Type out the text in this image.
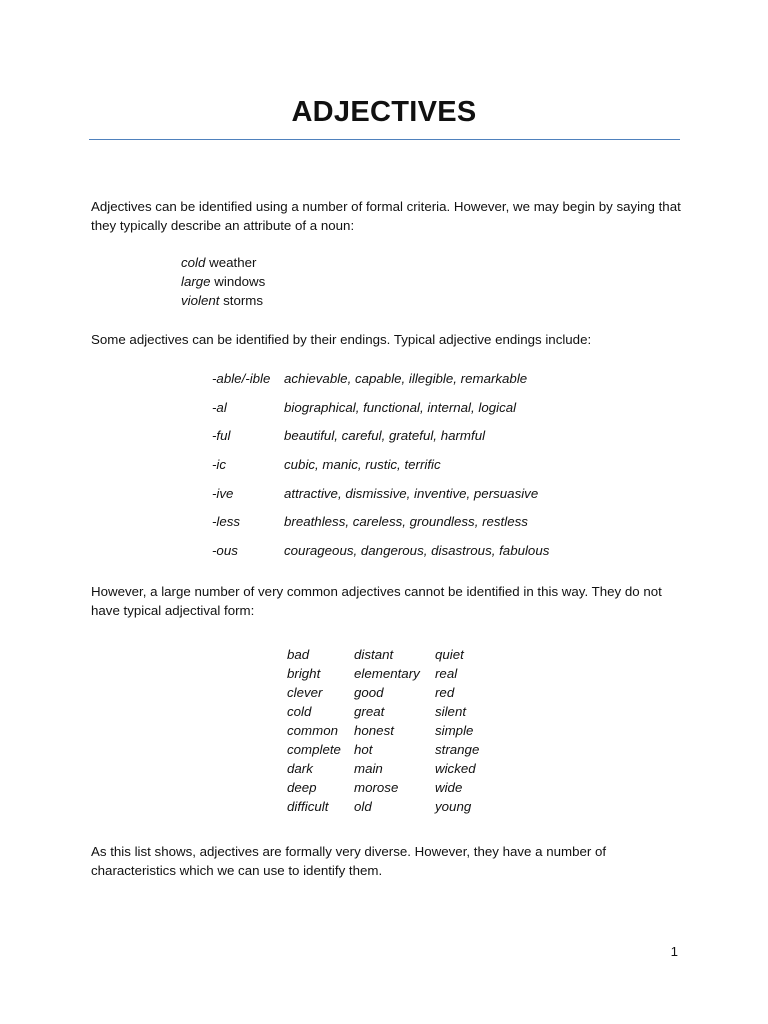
ADJECTIVES

Adjectives can be identified using a number of formal criteria. However, we may begin by saying that they typically describe an attribute of a noun:

cold weather
large windows
violent storms

Some adjectives can be identified by their endings. Typical adjective endings include:

-able/-ible achievable, capable, illegible, remarkable
-al	biographical, functional, internal, logical
-ful	beautiful, careful, grateful, harmful
-ic	cubic, manic, rustic, terrific
-ive	attractive, dismissive, inventive, persuasive
-less	breathless, careless, groundless, restless
-ous	courageous, dangerous, disastrous, fabulous

However, a large number of very common adjectives cannot be identified in this way. They do not have typical adjectival form:

bad	distant	quiet
bright	elementary	real
clever	good	red
cold	great	silent
common	honest	simple
complete	hot	strange
dark	main	wicked
deep	morose	wide
difficult	old	young

As this list shows, adjectives are formally very diverse. However, they have a number of characteristics which we can use to identify them.

1
